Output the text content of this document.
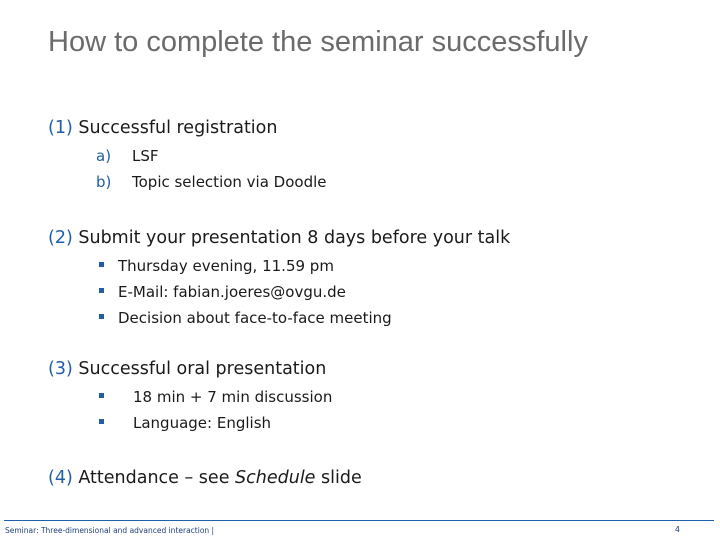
How to complete the seminar successfully
(1) Successful registration
a) LSF
b) Topic selection via Doodle
(2) Submit your presentation 8 days before your talk
Thursday evening, 11.59 pm
E-Mail: fabian.joeres@ovgu.de
Decision about face-to-face meeting
(3) Successful oral presentation
18 min + 7 min discussion
Language: English
(4) Attendance – see Schedule slide
Seminar: Three-dimensional and advanced interaction |	4
